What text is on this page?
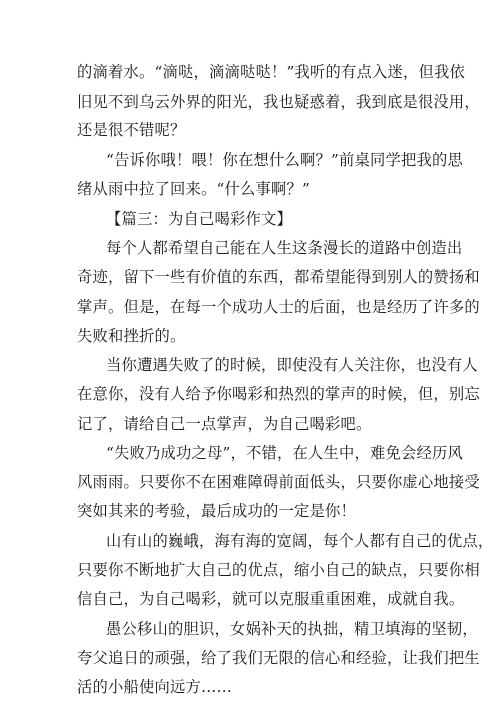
的滴着水。“滴哒，滴滴哒哒！”我听的有点入迷，但我依
旧见不到乌云外界的阳光，我也疑惑着，我到底是很没用，
还是很不错呢？
“告诉你哦！喂！你在想什么啊？”前桌同学把我的思
绪从雨中拉了回来。“什么事啊？”
【篇三：为自己喝彩作文】
每个人都希望自己能在人生这条漫长的道路中创造出
奇迹，留下一些有价值的东西，都希望能得到别人的赞扬和
掌声。但是，在每一个成功人士的后面，也是经历了许多的
失败和挫折的。
当你遭遇失败了的时候，即使没有人关注你，也没有人
在意你，没有人给予你喝彩和热烈的掌声的时候，但，别忘
记了，请给自己一点掌声，为自己喝彩吧。
“失败乃成功之母”，不错，在人生中，难免会经历风
风雨雨。只要你不在困难障碍前面低头，只要你虚心地接受
突如其来的考验，最后成功的一定是你！
山有山的巍峨，海有海的宽阔，每个人都有自己的优点，
只要你不断地扩大自己的优点，缩小自己的缺点，只要你相
信自己，为自己喝彩，就可以克服重重困难，成就自我。
愚公移山的胆识，女娲补天的执拙，精卫填海的坚韧，
夸父追日的顽强，给了我们无限的信心和经验，让我们把生
活的小船使向远方……
